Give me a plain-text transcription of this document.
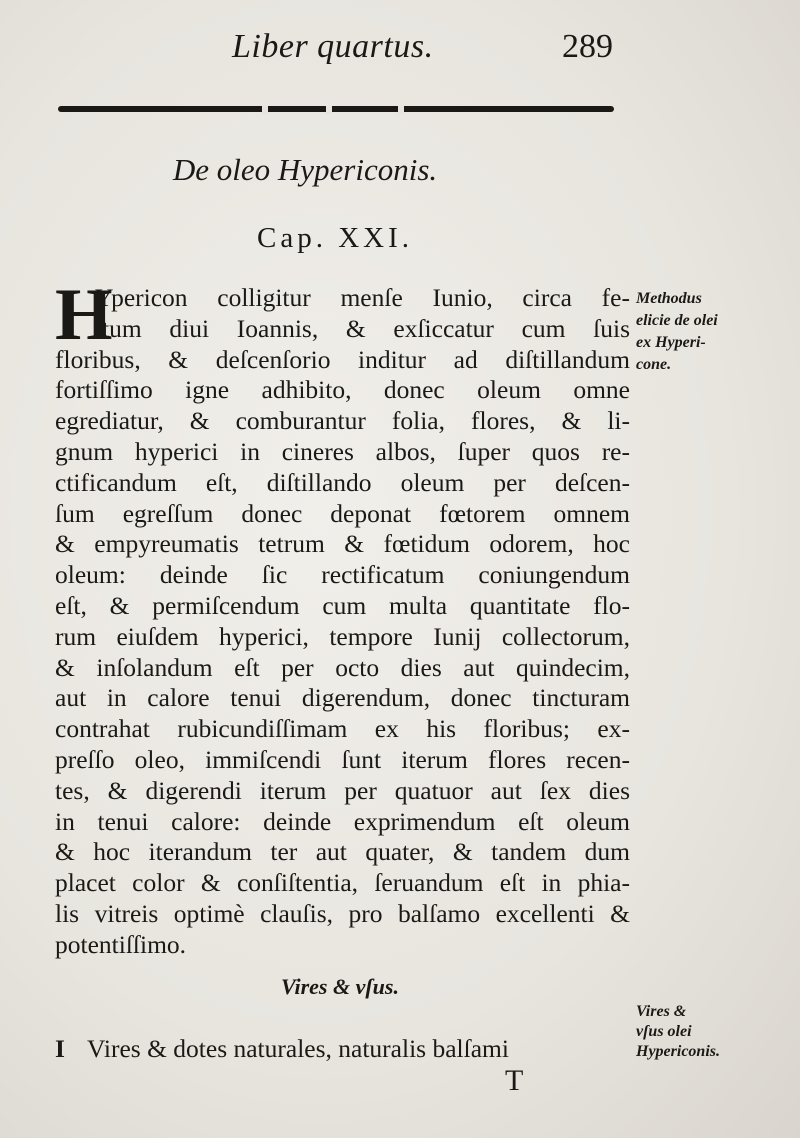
Liber quartus.	289
De oleo Hypericonis.
Cap. XXI.
H
Ypericon colligitur menſe Iunio, circa fe-
ſtum diui Ioannis, & exſiccatur cum ſuis
floribus, & deſcenſorio inditur ad diſtillandum
fortiſſimo igne adhibito, donec oleum omne
egrediatur, & comburantur folia, flores, & li-
gnum hyperici in cineres albos, ſuper quos re-
ctificandum eſt, diſtillando oleum per deſcen-
ſum egreſſum donec deponat fœtorem omnem
& empyreumatis tetrum & fœtidum odorem, hoc
oleum: deinde ſic rectificatum coniungendum
eſt, & permiſcendum cum multa quantitate flo-
rum eiuſdem hyperici, tempore Iunij collectorum,
& inſolandum eſt per octo dies aut quindecim,
aut in calore tenui digerendum, donec tincturam
contrahat rubicundiſſimam ex his floribus; ex-
preſſo oleo, immiſcendi ſunt iterum flores recen-
tes, & digerendi iterum per quatuor aut ſex dies
in tenui calore: deinde exprimendum eſt oleum
& hoc iterandum ter aut quater, & tandem dum
placet color & conſiſtentia, ſeruandum eſt in phia-
lis vitreis optimè clauſis, pro balſamo excellenti &
potentiſſimo.
Methodus
elicie de olei
ex Hyperi-
cone.
Vires & vſus.
I Vires & dotes naturales, naturalis balſami
Vires &
vſus olei
Hypericonis.
T
